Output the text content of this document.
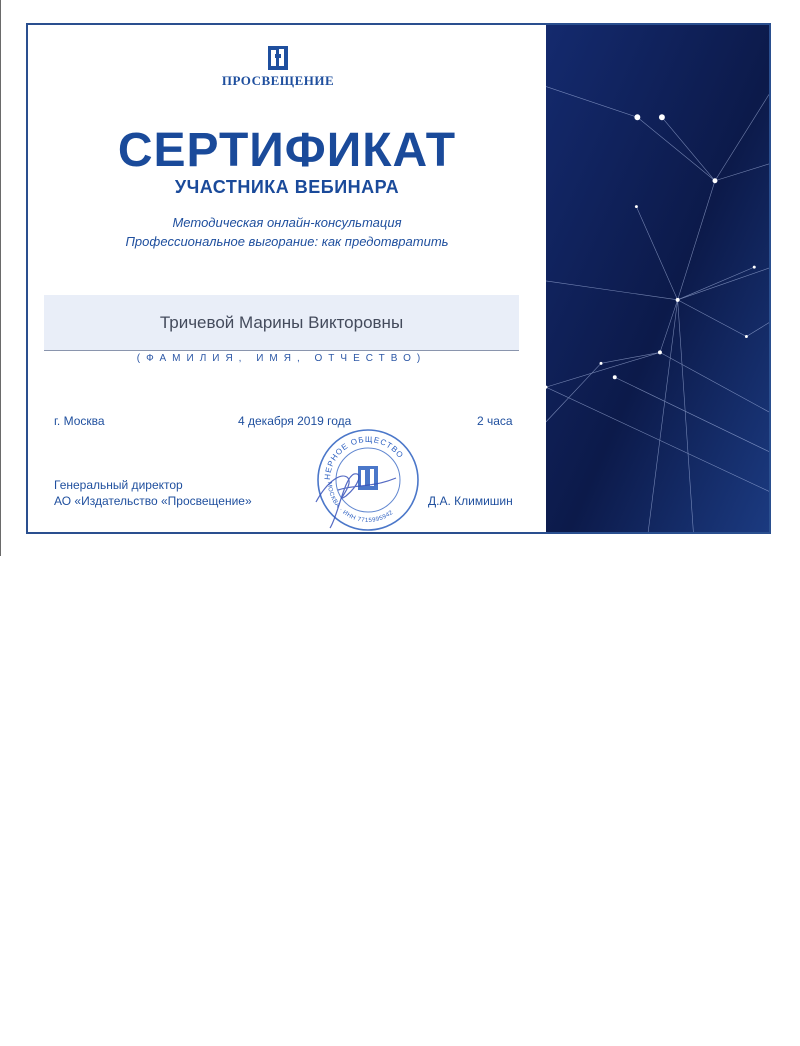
ПРОСВЕЩЕНИЕ
СЕРТИФИКАТ
УЧАСТНИКА ВЕБИНАРА
Методическая онлайн-консультация
Профессиональное выгорание: как предотвратить
Тричевой Марины Викторовны
(ФАМИЛИЯ, ИМЯ, ОТЧЕСТВО)
г. Москва	4 декабря 2019 года	2 часа
Генеральный директор
АО «Издательство «Просвещение»	Д.А. Климишин
НЕРНОЕ ОБЩЕСТВО
МОСКВА · ИНН 7715995942
